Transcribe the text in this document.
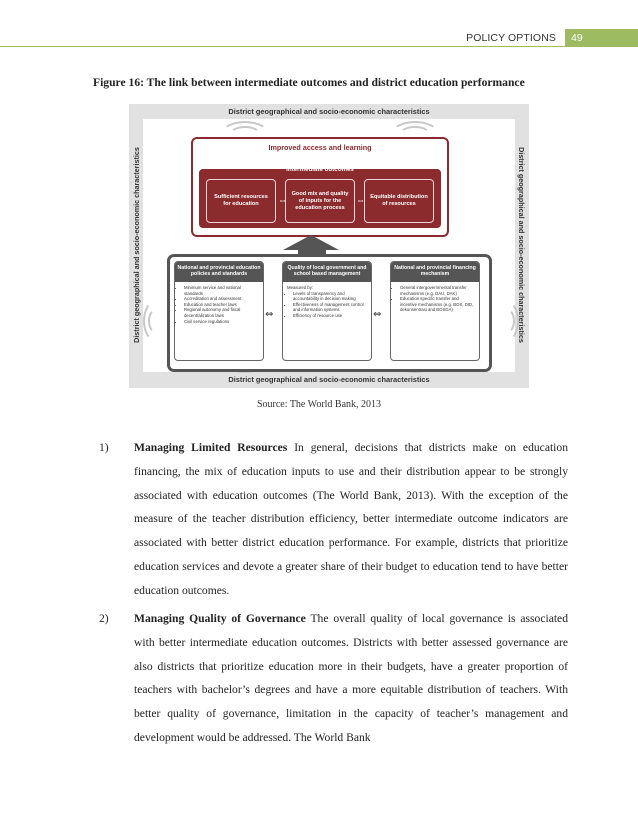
POLICY OPTIONS 49
Figure 16: The link between intermediate outcomes and district education performance
District geographical and socio-economic characteristics
District geographical and socio-economic characteristics
District geographical and socio-economic characteristics	District geographical and socio-economic characteristics
Improved access and learning
Intermediate outcomes
Sufficient resources for education	⇔
Good mix and quality of inputs for the education process
⇔ Equitable distribution of resources
National and provincial education policies and standards
• Minimum service and national standards
• Accreditation and assessment
• Education and teacher laws
• Regional autonomy and fiscal decentralization laws
• Civil service regulations
⇔
Quality of local government and school based management
Measured by:
• Levels of transparency and accountability in decision making
• Effectiveness of management control and information systems
• Efficiency of resource use	⇔
National and provincial financing mechanism
• General intergovernmental transfer mechanisms (e.g. DAU, DAK)
• Education specific transfer and incentive mechanisms (e.g. BOS, DID, dekonsentrasi and BOSDA)
Source: The World Bank, 2013
1) Managing Limited Resources In general, decisions that districts make on education financing, the mix of education inputs to use and their distribution appear to be strongly associated with education outcomes (The World Bank, 2013). With the exception of the measure of the teacher distribution efficiency, better intermediate outcome indicators are associated with better district education performance. For example, districts that prioritize education services and devote a greater share of their budget to education tend to have better education outcomes.
2) Managing Quality of Governance The overall quality of local governance is associated with better intermediate education outcomes. Districts with better assessed governance are also districts that prioritize education more in their budgets, have a greater proportion of teachers with bachelor’s degrees and have a more equitable distribution of teachers. With better quality of governance, limitation in the capacity of teacher’s management and development would be addressed. The World Bank
